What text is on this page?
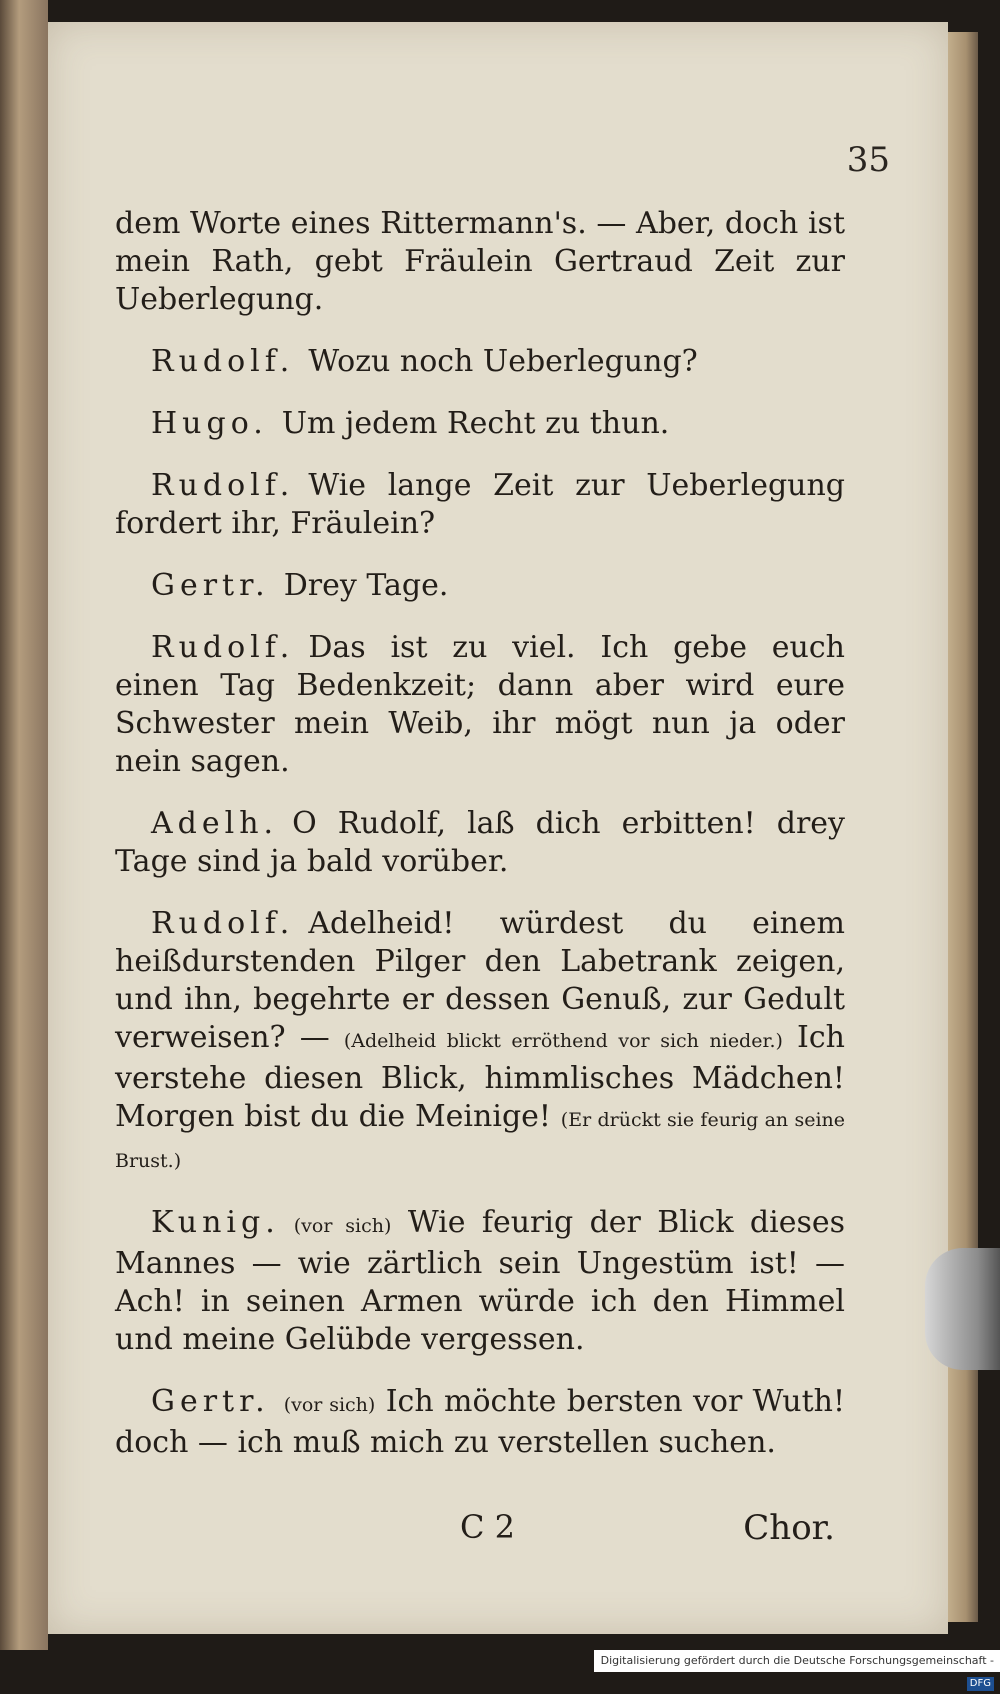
35

dem Worte eines Rittermann's. — Aber, doch ist mein Rath, gebt Fräulein Gertraud Zeit zur Ueberlegung.

Rudolf. Wozu noch Ueberlegung?

Hugo. Um jedem Recht zu thun.

Rudolf. Wie lange Zeit zur Ueberlegung fordert ihr, Fräulein?

Gertr. Drey Tage.

Rudolf. Das ist zu viel. Ich gebe euch einen Tag Bedenkzeit; dann aber wird eure Schwester mein Weib, ihr mögt nun ja oder nein sagen.

Adelh. O Rudolf, laß dich erbitten! drey Tage sind ja bald vorüber.

Rudolf. Adelheid! würdest du einem heißdurstenden Pilger den Labetrank zeigen, und ihn, begehrte er dessen Genuß, zur Gedult verweisen? — (Adelheid blickt erröthend vor sich nieder.) Ich verstehe diesen Blick, himmlisches Mädchen! Morgen bist du die Meinige! (Er drückt sie feurig an seine Brust.)

Kunig. (vor sich) Wie feurig der Blick dieses Mannes — wie zärtlich sein Ungestüm ist! — Ach! in seinen Armen würde ich den Himmel und meine Gelübde vergessen.

Gertr. (vor sich) Ich möchte bersten vor Wuth! doch — ich muß mich zu verstellen suchen.

C 2	Chor.
Digitalisierung gefördert durch die Deutsche Forschungsgemeinschaft -DFG
